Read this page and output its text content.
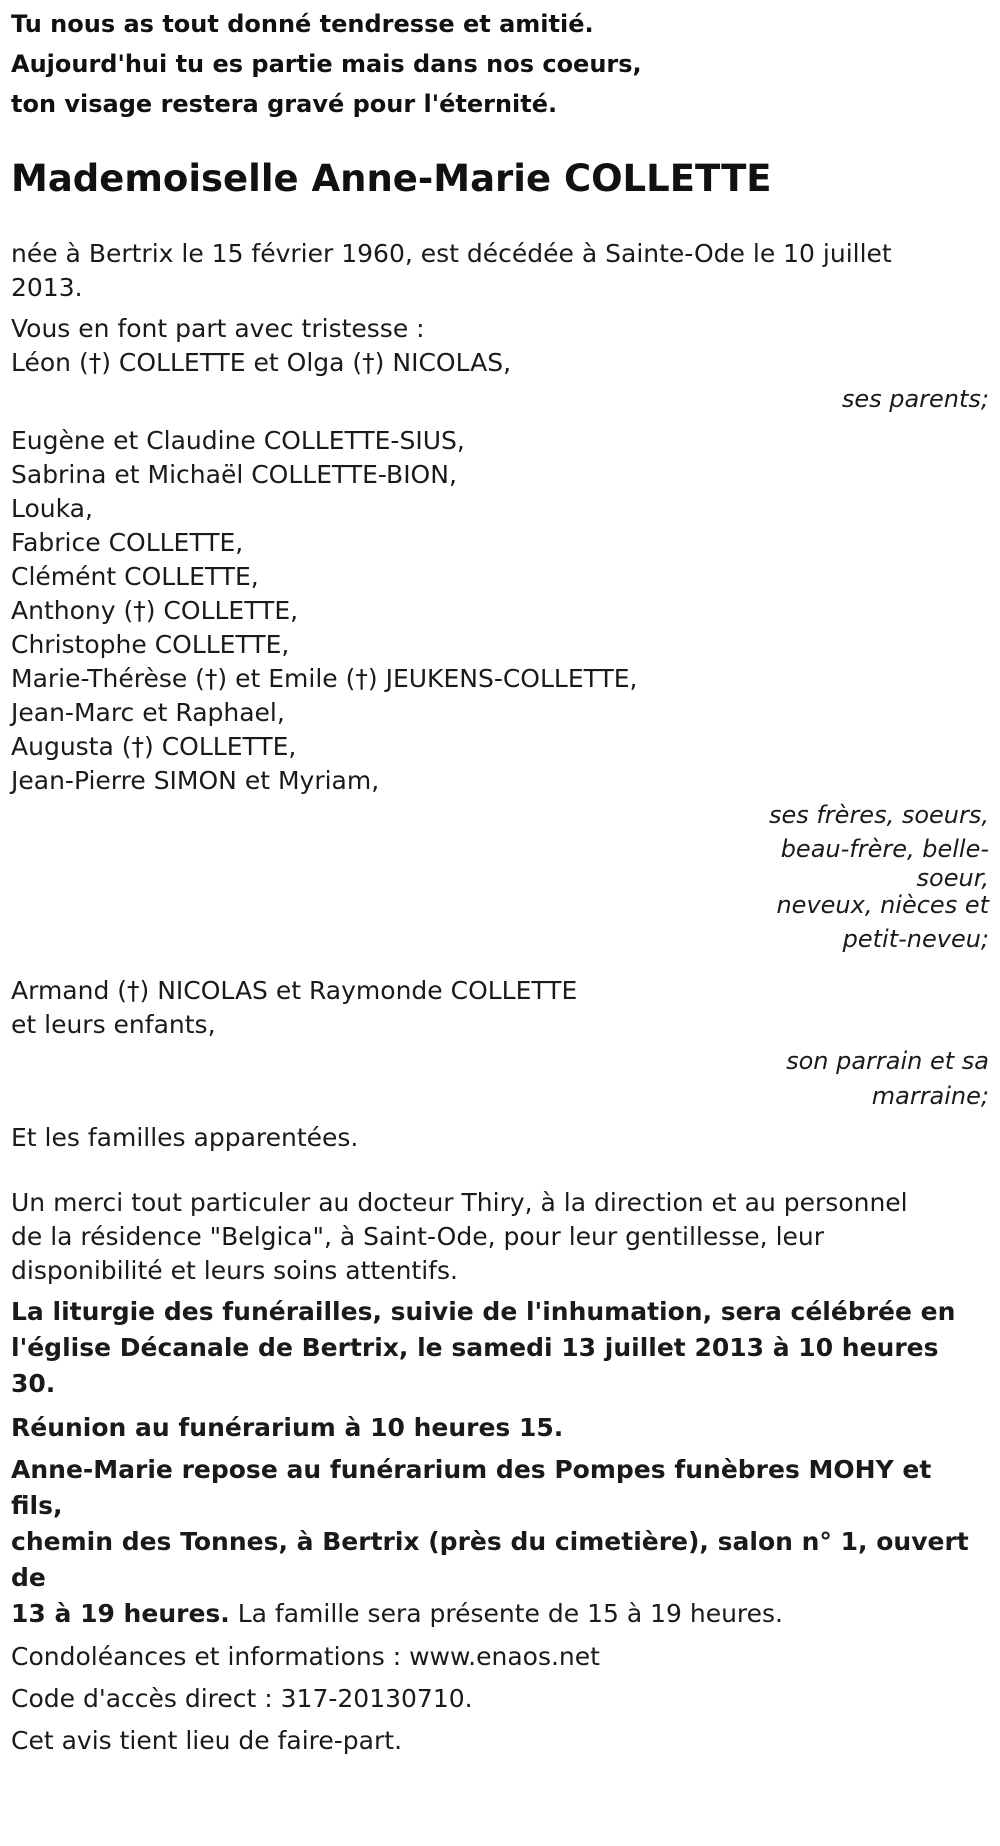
Tu nous as tout donné tendresse et amitié.
Aujourd'hui tu es partie mais dans nos coeurs,
ton visage restera gravé pour l'éternité.
Mademoiselle Anne-Marie COLLETTE
née à Bertrix le 15 février 1960, est décédée à Sainte-Ode le 10 juillet
2013.
Vous en font part avec tristesse :
Léon (†) COLLETTE et Olga (†) NICOLAS,
ses parents;
Eugène et Claudine COLLETTE-SIUS,
Sabrina et Michaël COLLETTE-BION,
Louka,
Fabrice COLLETTE,
Clémént COLLETTE,
Anthony (†) COLLETTE,
Christophe COLLETTE,
Marie-Thérèse (†) et Emile (†) JEUKENS-COLLETTE,
Jean-Marc et Raphael,
Augusta (†) COLLETTE,
Jean-Pierre SIMON et Myriam,
ses frères, soeurs,
beau-frère, belle-
soeur,
neveux, nièces et
petit-neveu;
Armand (†) NICOLAS et Raymonde COLLETTE
et leurs enfants,
son parrain et sa
marraine;
Et les familles apparentées.
Un merci tout particuler au docteur Thiry, à la direction et au personnel
de la résidence "Belgica", à Saint-Ode, pour leur gentillesse, leur
disponibilité et leurs soins attentifs.
La liturgie des funérailles, suivie de l'inhumation, sera célébrée en
l'église Décanale de Bertrix, le samedi 13 juillet 2013 à 10 heures 30.
Réunion au funérarium à 10 heures 15.
Anne-Marie repose au funérarium des Pompes funèbres MOHY et fils,
chemin des Tonnes, à Bertrix (près du cimetière), salon n° 1, ouvert de
13 à 19 heures. La famille sera présente de 15 à 19 heures.
Condoléances et informations : www.enaos.net
Code d'accès direct : 317-20130710.
Cet avis tient lieu de faire-part.
